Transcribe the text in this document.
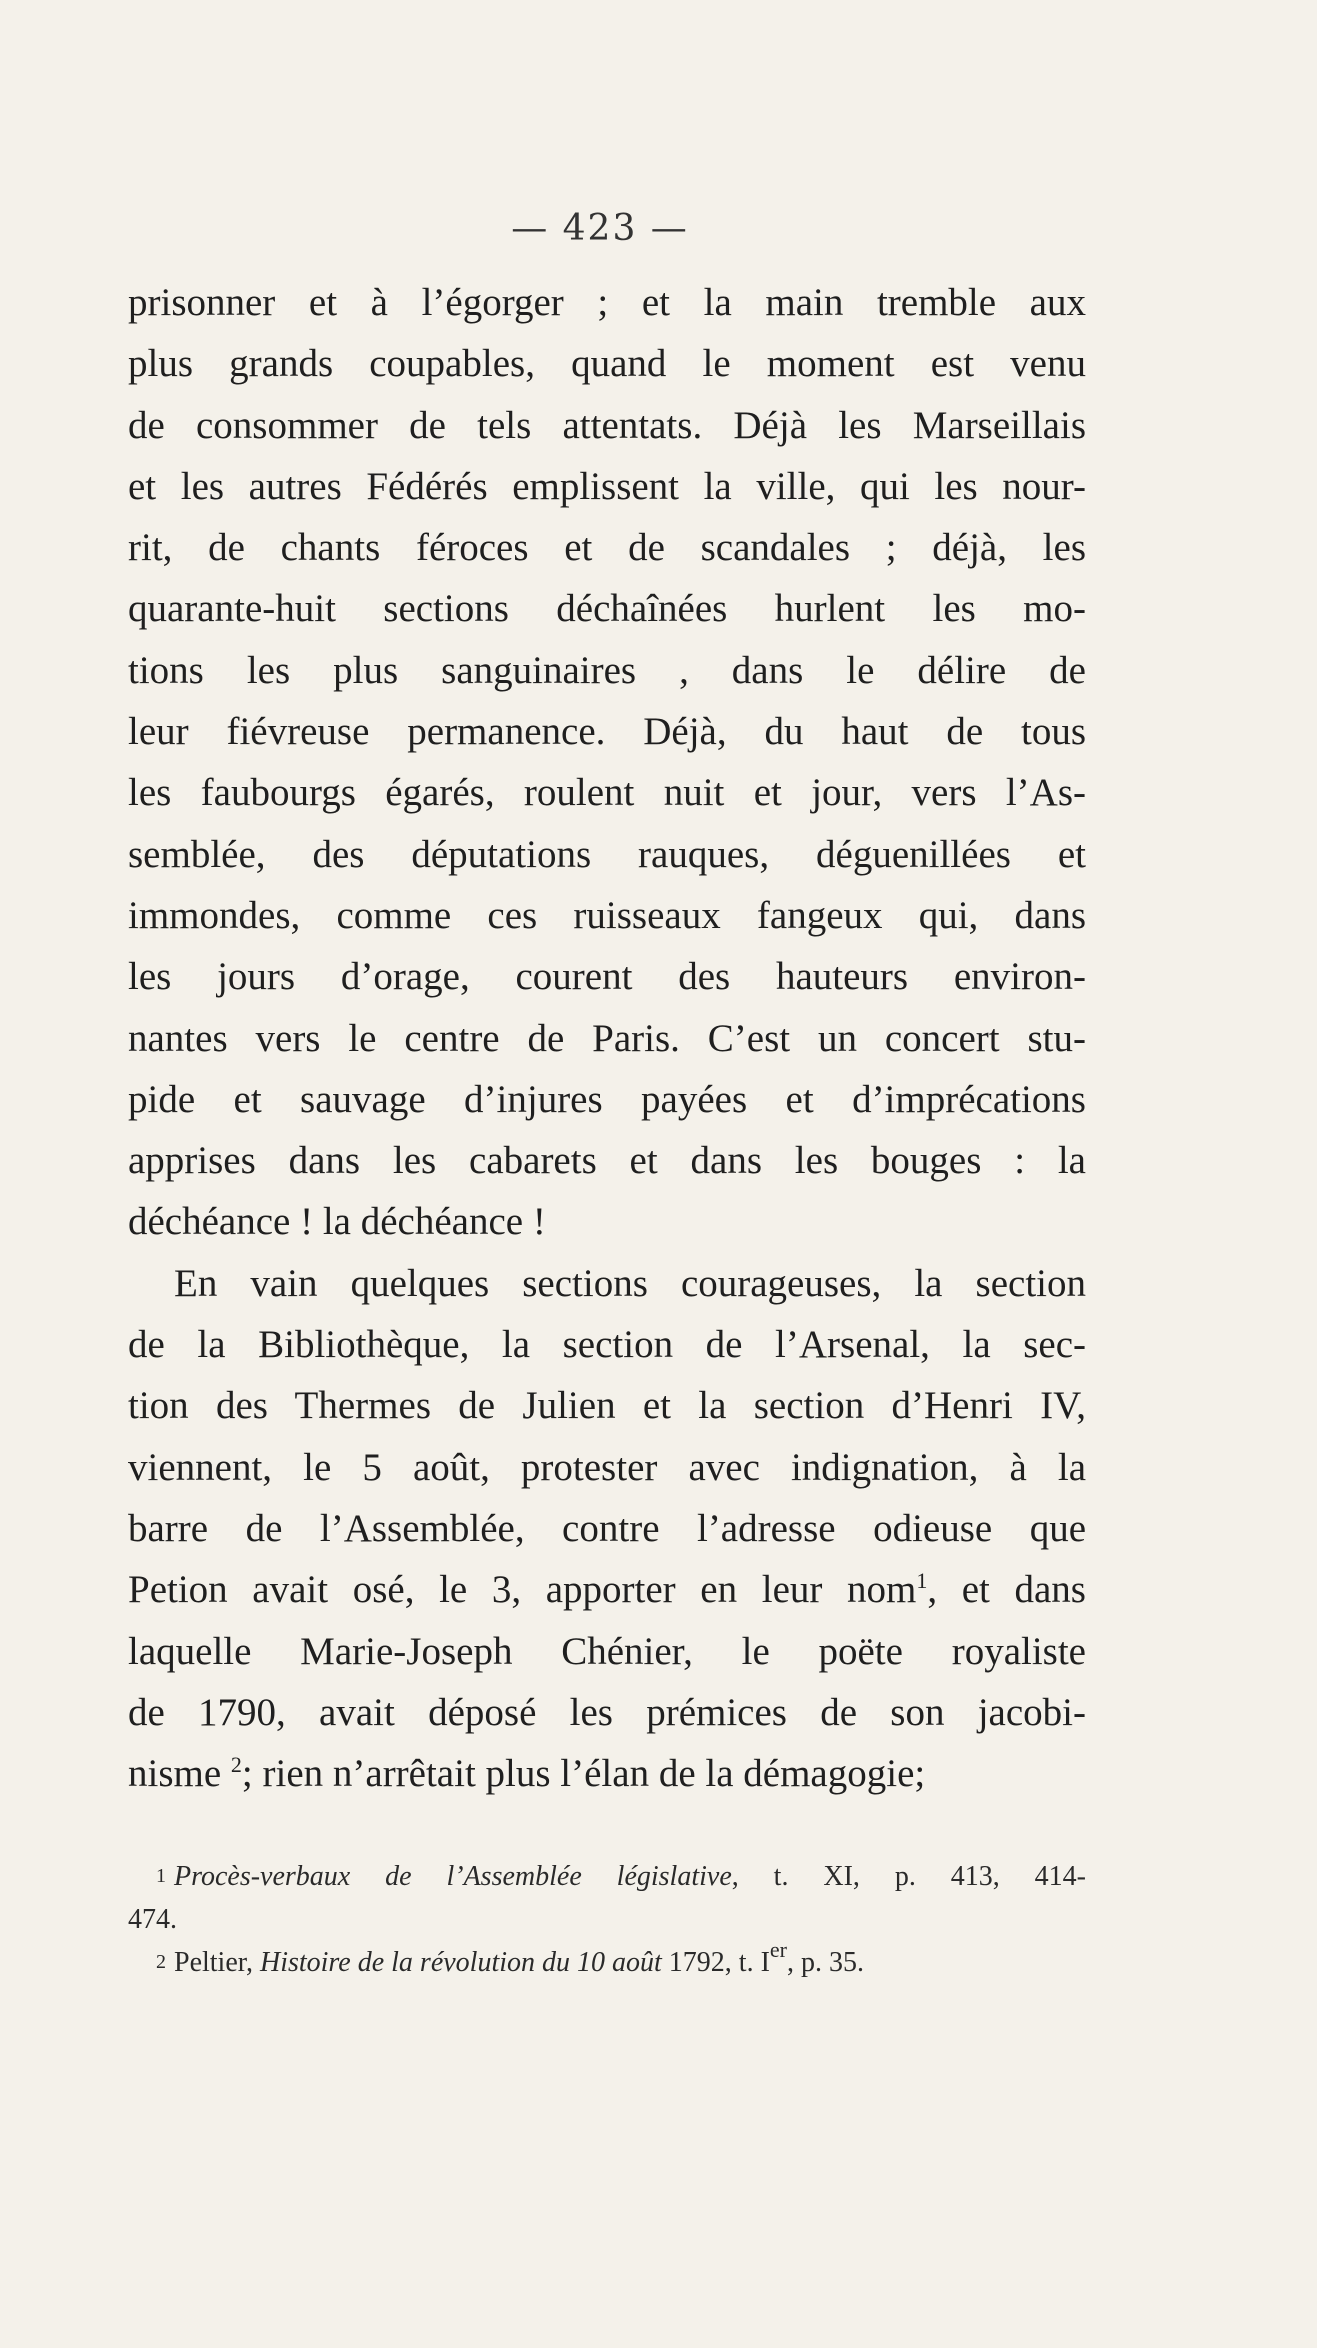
— 423 —
prisonner et à l’égorger ; et la main tremble aux
plus grands coupables, quand le moment est venu
de consommer de tels attentats. Déjà les Marseillais
et les autres Fédérés emplissent la ville, qui les nour-
rit, de chants féroces et de scandales ; déjà, les
quarante-huit sections déchaînées hurlent les mo-
tions les plus sanguinaires , dans le délire de
leur fiévreuse permanence. Déjà, du haut de tous
les faubourgs égarés, roulent nuit et jour, vers l’As-
semblée, des députations rauques, déguenillées et
immondes, comme ces ruisseaux fangeux qui, dans
les jours d’orage, courent des hauteurs environ-
nantes vers le centre de Paris. C’est un concert stu-
pide et sauvage d’injures payées et d’imprécations
apprises dans les cabarets et dans les bouges : la
déchéance ! la déchéance !
En vain quelques sections courageuses, la section
de la Bibliothèque, la section de l’Arsenal, la sec-
tion des Thermes de Julien et la section d’Henri IV,
viennent, le 5 août, protester avec indignation, à la
barre de l’Assemblée, contre l’adresse odieuse que
Petion avait osé, le 3, apporter en leur nom$^1$, et dans
laquelle Marie-Joseph Chénier, le poëte royaliste
de 1790, avait déposé les prémices de son jacobi-
nisme $^2$; rien n’arrêtait plus l’élan de la démagogie;
1 Procès-verbaux de l’Assemblée législative, t. XI, p. 413, 414-
474.
2 Peltier, Histoire de la révolution du 10 août 1792, t. Ier, p. 35.
